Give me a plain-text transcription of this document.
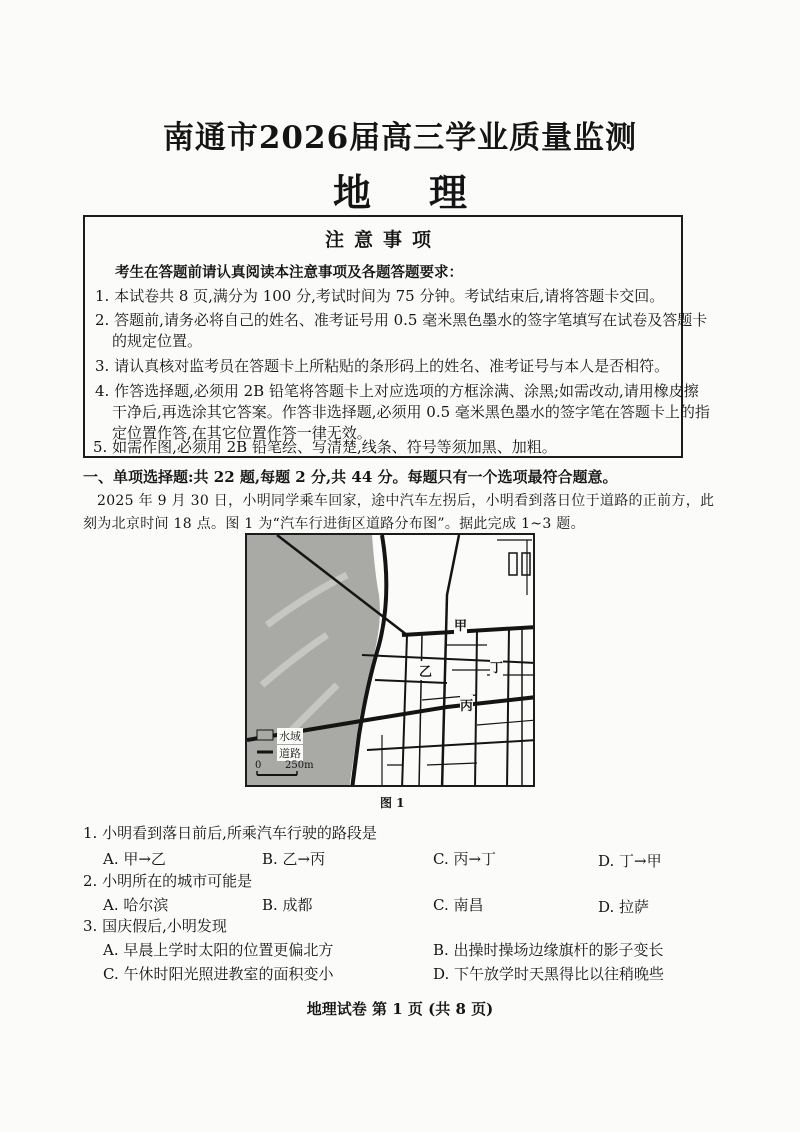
南通市2026届高三学业质量监测
地理
注意事项
考生在答题前请认真阅读本注意事项及各题答题要求：
1. 本试卷共 8 页,满分为 100 分,考试时间为 75 分钟。考试结束后,请将答题卡交回。
2. 答题前,请务必将自己的姓名、准考证号用 0.5 毫米黑色墨水的签字笔填写在试卷及答题卡
的规定位置。
3. 请认真核对监考员在答题卡上所粘贴的条形码上的姓名、准考证号与本人是否相符。
4. 作答选择题,必须用 2B 铅笔将答题卡上对应选项的方框涂满、涂黑;如需改动,请用橡皮擦
干净后,再选涂其它答案。作答非选择题,必须用 0.5 毫米黑色墨水的签字笔在答题卡上的指
定位置作答,在其它位置作答一律无效。
5. 如需作图,必须用 2B 铅笔绘、写清楚,线条、符号等须加黑、加粗。
一、单项选择题:共 22 题,每题 2 分,共 44 分。每题只有一个选项最符合题意。
2025 年 9 月 30 日，小明同学乘车回家，途中汽车左拐后，小明看到落日位于道路的正前方，此
刻为北京时间 18 点。图 1 为“汽车行进街区道路分布图”。据此完成 1~3 题。
水域
道路
0 250m
甲
乙	丁
丙
图 1
1. 小明看到落日前后,所乘汽车行驶的路段是
A. 甲→乙	B. 乙→丙	C. 丙→丁	D. 丁→甲
2. 小明所在的城市可能是
A. 哈尔滨	B. 成都	C. 南昌	D. 拉萨
3. 国庆假后,小明发现
A. 早晨上学时太阳的位置更偏北方	B. 出操时操场边缘旗杆的影子变长
C. 午休时阳光照进教室的面积变小	D. 下午放学时天黑得比以往稍晚些
地理试卷 第 1 页 (共 8 页)
